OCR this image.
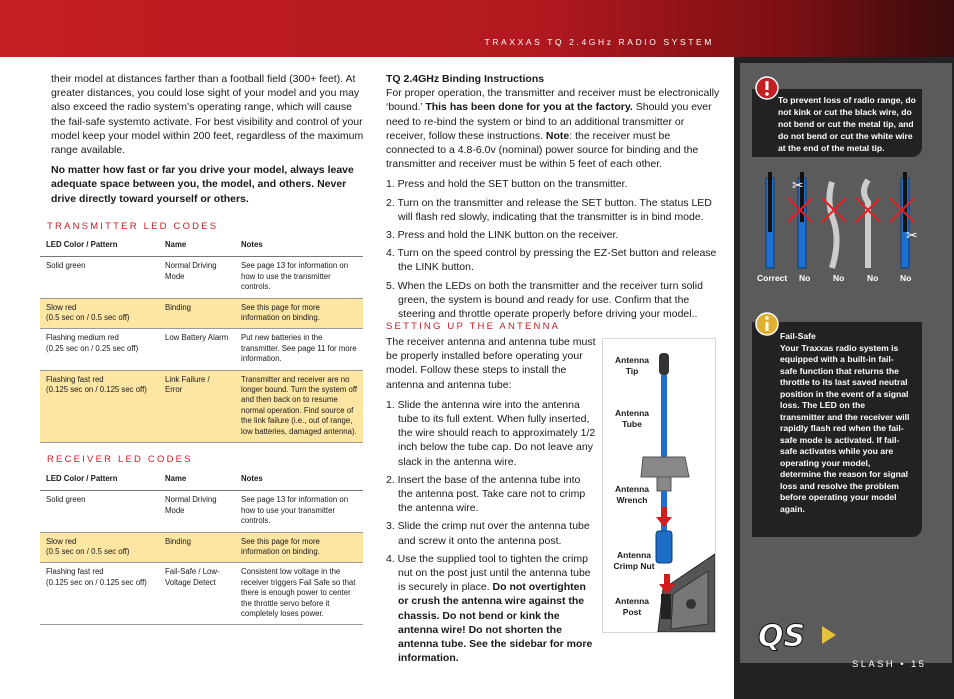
TRAXXAS TQ 2.4GHz RADIO SYSTEM
SLASH • 15

their model at distances farther than a football field (300+ feet). At greater distances, you could lose sight of your model and you may also exceed the radio system’s operating range, which will cause the fail-safe systemto activate. For best visibility and control of your model keep your model within 200 feet, regardless of the maximum range available.

No matter how fast or far you drive your model, always leave adequate space between you, the model, and others. Never drive directly toward yourself or others.

TRANSMITTER LED CODES
LED Color / Pattern	Name	Notes
Solid green	Normal Driving Mode	See page 13 for information on how to use the transmitter controls.
Slow red
(0.5 sec on / 0.5 sec off)	Binding	See this page for more information on binding.
Flashing medium red
(0.25 sec on / 0.25 sec off)	Low Battery Alarm	Put new batteries in the transmitter. See page 11 for more information.
Flashing fast red
(0.125 sec on / 0.125 sec off)	Link Failure / Error	Transmitter and receiver are no longer bound. Turn the system off and then back on to resume normal operation. Find source of the link failure (i.e., out of range, low batteries, damaged antenna).
RECEIVER LED CODES
LED Color / Pattern	Name	Notes
Solid green	Normal Driving Mode	See page 13 for information on how to use your transmitter controls.
Slow red
(0.5 sec on / 0.5 sec off)	Binding	See this page for more information on binding.
Flashing fast red
(0.125 sec on / 0.125 sec off)	Fail-Safe / Low-Voltage Detect	Consistent low voltage in the receiver triggers Fail Safe so that there is enough power to center the throttle servo before it completely loses power.
TQ 2.4GHz Binding Instructions

For proper operation, the transmitter and receiver must be electronically ‘bound.’ This has been done for you at the factory. Should you ever need to re-bind the system or bind to an additional transmitter or receiver, follow these instructions. Note: the receiver must be connected to a 4.8-6.0v (nominal) power source for binding and the transmitter and receiver must be within 5 feet of each other.

1. Press and hold the SET button on the transmitter.
2. Turn on the transmitter and release the SET button. The status LED will flash red slowly, indicating that the transmitter is in bind mode.
3. Press and hold the LINK button on the receiver.
4. Turn on the speed control by pressing the EZ-Set button and release the LINK button.
5. When the LEDs on both the transmitter and the receiver turn solid green, the system is bound and ready for use. Confirm that the steering and throttle operate properly before driving your model..
SETTING UP THE ANTENNA

The receiver antenna and antenna tube must be properly installed before operating your model. Follow these steps to install the antenna and antenna tube:

1. Slide the antenna wire into the antenna tube to its full extent. When fully inserted, the wire should reach to approximately 1/2 inch below the tube cap. Do not leave any slack in the antenna wire.
2. Insert the base of the antenna tube into the antenna post. Take care not to crimp the antenna wire.
3. Slide the crimp nut over the antenna tube and screw it onto the antenna post.
4. Use the supplied tool to tighten the crimp nut on the post just until the antenna tube is securely in place. Do not overtighten or crush the antenna wire against the chassis. Do not bend or kink the antenna wire! Do not shorten the antenna tube. See the sidebar for more information.
Antenna
Tip
Antenna
Tube
Antenna
Wrench
Antenna
Crimp Nut
Antenna
Post
To prevent loss of radio range, do not kink or cut the black wire, do not bend or cut the metal tip, and do not bend or cut the white wire at the end of the metal tip.
✂
✂
Correct No	No	No	No
Fail-Safe
Your Traxxas radio system is equipped with a built-in fail-safe function that returns the throttle to its last saved neutral position in the event of a signal loss. The LED on the transmitter and the receiver will rapidly flash red when the fail-safe mode is activated. If fail-safe activates while you are operating your model, determine the reason for signal loss and resolve the problem before operating your model again.
QS
